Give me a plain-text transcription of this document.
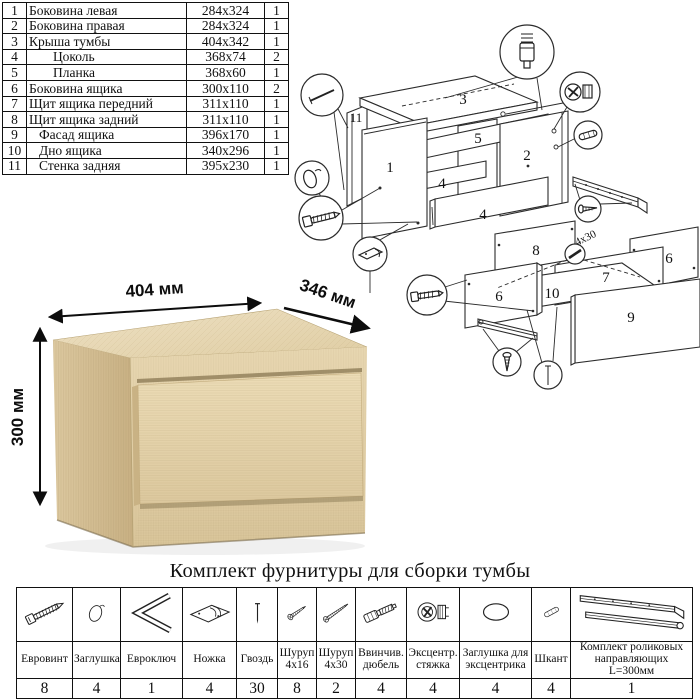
1	Боковина левая	284x324	1
2	Боковина правая	284x324	1
3	Крыша тумбы	404x342	1
4	Цоколь	368x74	2
5	Планка	368x60	1
6	Боковина ящика	300x110	2
7	Щит ящика передний	311x110	1
8	Щит ящика задний	311x110	1
9	Фасад ящика	396x170	1
10	Дно ящика	340x296	1
11	Стенка задняя	395x230	1
3
11
1
5
2
4
4
8	6
7
6	10
9
4x30
404 мм	346 мм
300 мм
Комплект фурнитуры для сборки тумбы

Евровинт	Заглушка	Евроключ	Ножка	Гвоздь	Шуруп 4x16	Шуруп 4x30	Ввинчив. дюбель	Эксцентр. стяжка	Заглушка для эксцентрика	Шкант	Комплект роликовых направляющих L=300мм
8	4	1	4	30	8	2	4	4	4	4	1
